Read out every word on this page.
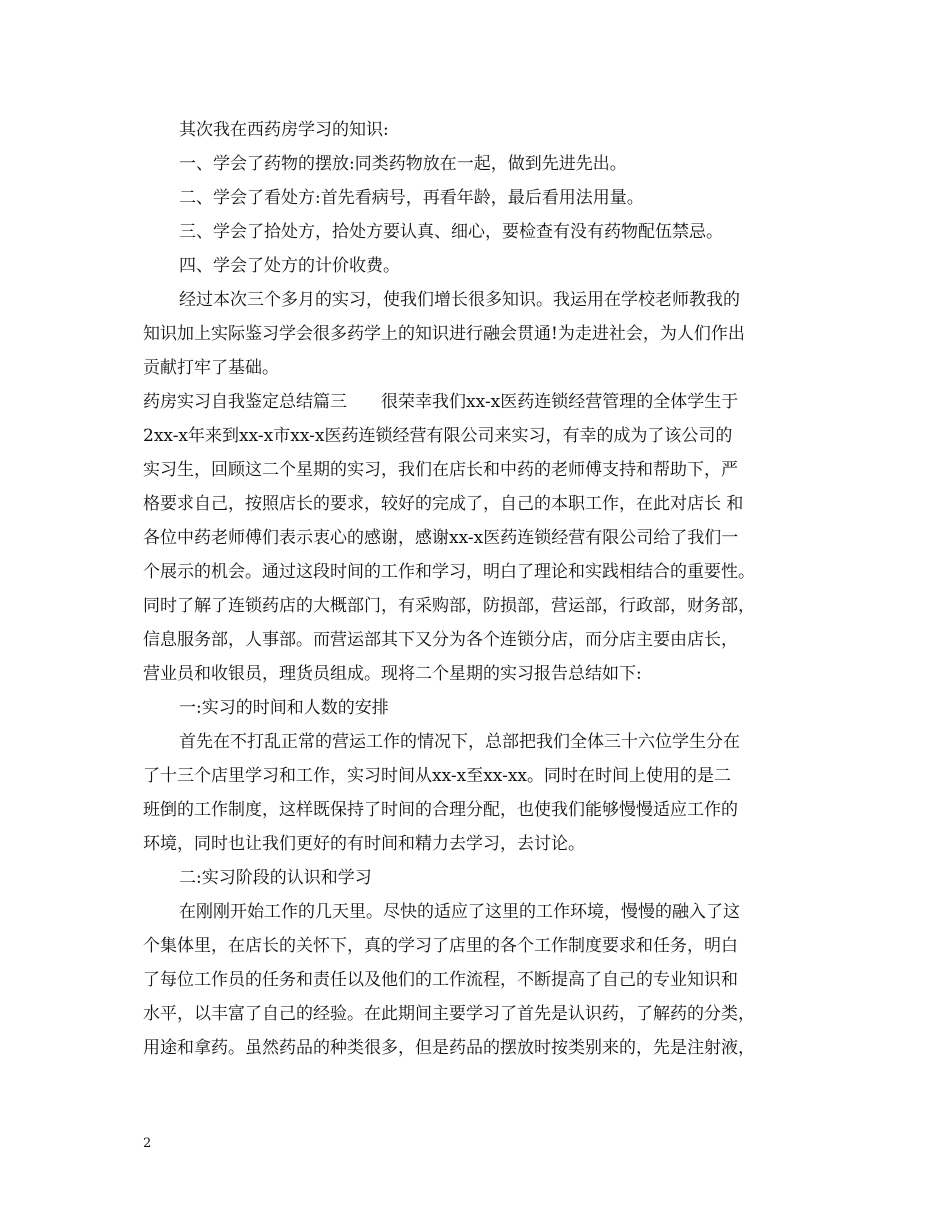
其次我在西药房学习的知识:
一、学会了药物的摆放:同类药物放在一起，做到先进先出。
二、学会了看处方:首先看病号，再看年龄，最后看用法用量。
三、学会了拾处方，拾处方要认真、细心，要检查有没有药物配伍禁忌。
四、学会了处方的计价收费。
经过本次三个多月的实习，使我们增长很多知识。我运用在学校老师教我的
知识加上实际鉴习学会很多药学上的知识进行融会贯通!为走进社会，为人们作出
贡献打牢了基础。
药房实习自我鉴定总结篇三　　很荣幸我们xx-x医药连锁经营管理的全体学生于
2xx-x年来到xx-x市xx-x医药连锁经营有限公司来实习，有幸的成为了该公司的
实习生，回顾这二个星期的实习，我们在店长和中药的老师傅支持和帮助下，严
格要求自己，按照店长的要求，较好的完成了，自己的本职工作，在此对店长 和
各位中药老师傅们表示衷心的感谢，感谢xx-x医药连锁经营有限公司给了我们一
个展示的机会。通过这段时间的工作和学习，明白了理论和实践相结合的重要性。
同时了解了连锁药店的大概部门，有采购部，防损部，营运部，行政部，财务部，
信息服务部，人事部。而营运部其下又分为各个连锁分店，而分店主要由店长，
营业员和收银员，理货员组成。现将二个星期的实习报告总结如下:
一:实习的时间和人数的安排
首先在不打乱正常的营运工作的情况下，总部把我们全体三十六位学生分在
了十三个店里学习和工作，实习时间从xx-x至xx-xx。同时在时间上使用的是二
班倒的工作制度，这样既保持了时间的合理分配，也使我们能够慢慢适应工作的
环境，同时也让我们更好的有时间和精力去学习，去讨论。
二:实习阶段的认识和学习
在刚刚开始工作的几天里。尽快的适应了这里的工作环境，慢慢的融入了这
个集体里，在店长的关怀下，真的学习了店里的各个工作制度要求和任务，明白
了每位工作员的任务和责任以及他们的工作流程，不断提高了自己的专业知识和
水平，以丰富了自己的经验。在此期间主要学习了首先是认识药，了解药的分类，
用途和拿药。虽然药品的种类很多，但是药品的摆放时按类别来的，先是注射液，
2
